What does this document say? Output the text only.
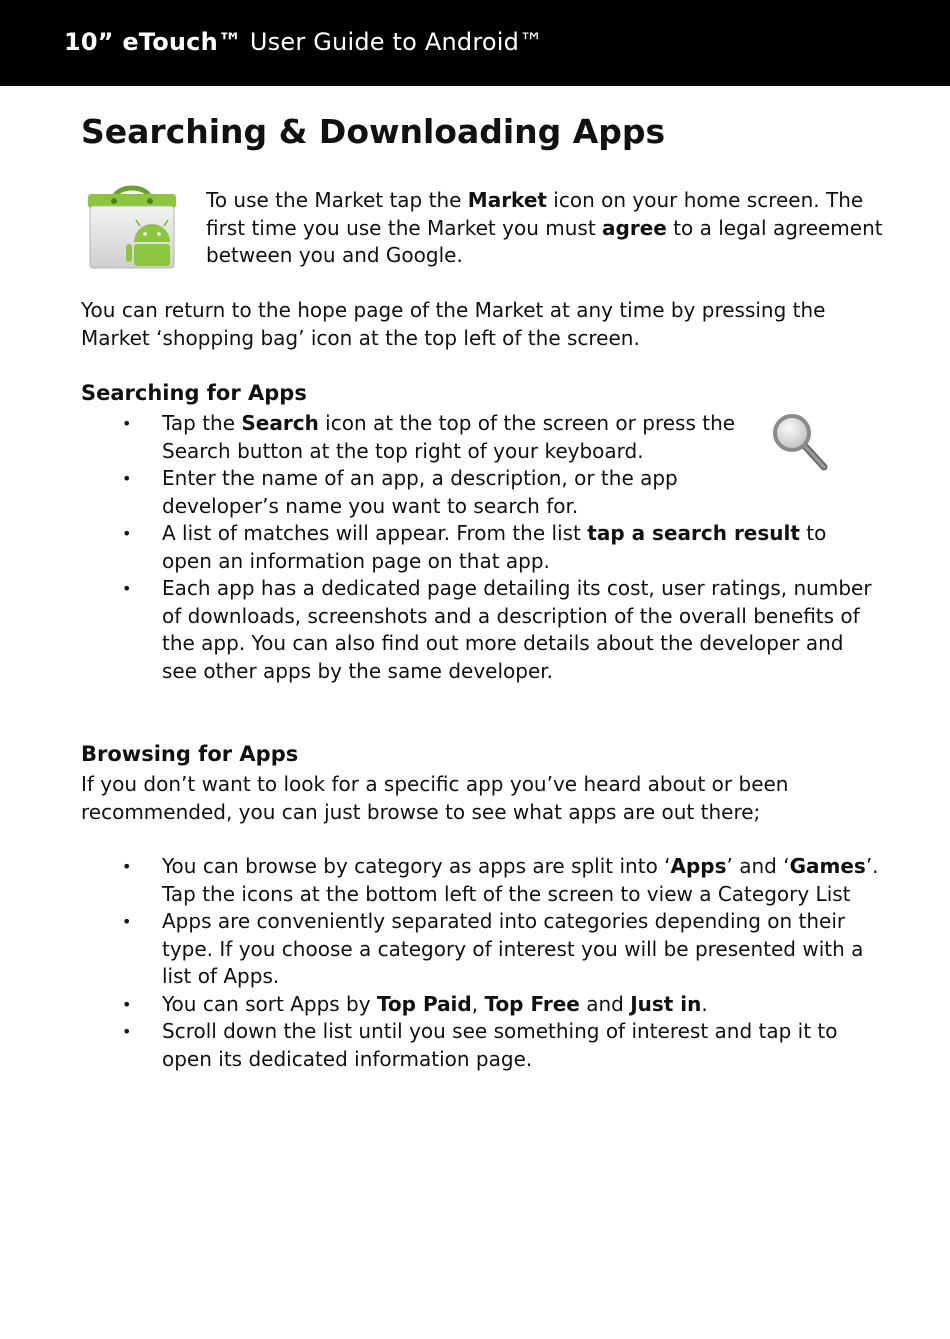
10” eTouch™ User Guide to Android™
Searching & Downloading Apps
To use the Market tap the Market icon on your home screen. The first time you use the Market you must agree to a legal agreement between you and Google.
You can return to the hope page of the Market at any time by pressing the Market ‘shopping bag’ icon at the top left of the screen.
Searching for Apps
• Tap the Search icon at the top of the screen or press the Search button at the top right of your keyboard.
• Enter the name of an app, a description, or the app developer’s name you want to search for.
• A list of matches will appear. From the list tap a search result to open an information page on that app.
• Each app has a dedicated page detailing its cost, user ratings, number of downloads, screenshots and a description of the overall benefits of the app. You can also find out more details about the developer and see other apps by the same developer.
Browsing for Apps
If you don’t want to look for a specific app you’ve heard about or been recommended, you can just browse to see what apps are out there;
• You can browse by category as apps are split into ‘Apps’ and ‘Games’. Tap the icons at the bottom left of the screen to view a Category List
• Apps are conveniently separated into categories depending on their type. If you choose a category of interest you will be presented with a list of Apps.
• You can sort Apps by Top Paid, Top Free and Just in.
• Scroll down the list until you see something of interest and tap it to open its dedicated information page.
